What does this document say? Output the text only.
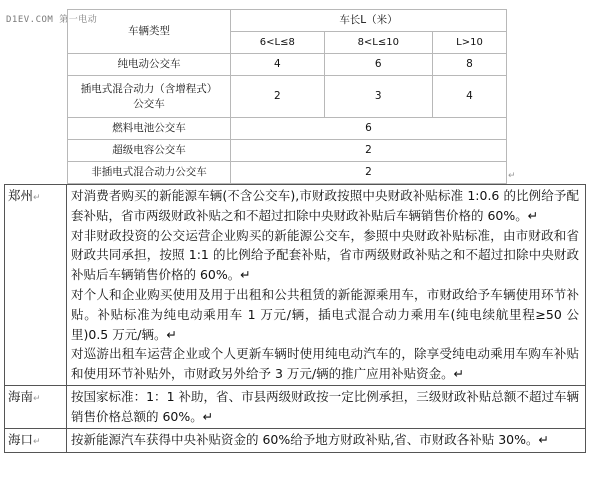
D1EV.COM 第一电动
车辆类型	车长L（米）		
	6<L≤8	8<L≤10	L>10
纯电动公交车	4	6	8

插电式混合动力（含增程式）
公交车	2	3	4
燃料电池公交车	6		
超级电容公交车	2		
非插电式混合动力公交车	2			↵
郑州↵	对消费者购买的新能源车辆(不含公交车),市财政按照中央财政补贴标准 1:0.6 的比例给予配套补贴，省市两级财政补贴之和不超过扣除中央财政补贴后车辆销售价格的 60%。↵
对非财政投资的公交运营企业购买的新能源公交车，参照中央财政补贴标准，由市财政和省财政共同承担，按照 1:1 的比例给予配套补贴，省市两级财政补贴之和不超过扣除中央财政补贴后车辆销售价格的 60%。↵
对个人和企业购买使用及用于出租和公共租赁的新能源乘用车，市财政给予车辆使用环节补贴。补贴标准为纯电动乘用车 1 万元/辆，插电式混合动力乘用车(纯电续航里程≥50 公里)0.5 万元/辆。↵
对巡游出租车运营企业或个人更新车辆时使用纯电动汽车的，除享受纯电动乘用车购车补贴和使用环节补贴外，市财政另外给予 3 万元/辆的推广应用补贴资金。↵

海南↵	按国家标准：1：1 补助，省、市县两级财政按一定比例承担，三级财政补贴总额不超过车辆销售价格总额的 60%。↵

海口↵	按新能源汽车获得中央补贴资金的 60%给予地方财政补贴,省、市财政各补贴 30%。↵
